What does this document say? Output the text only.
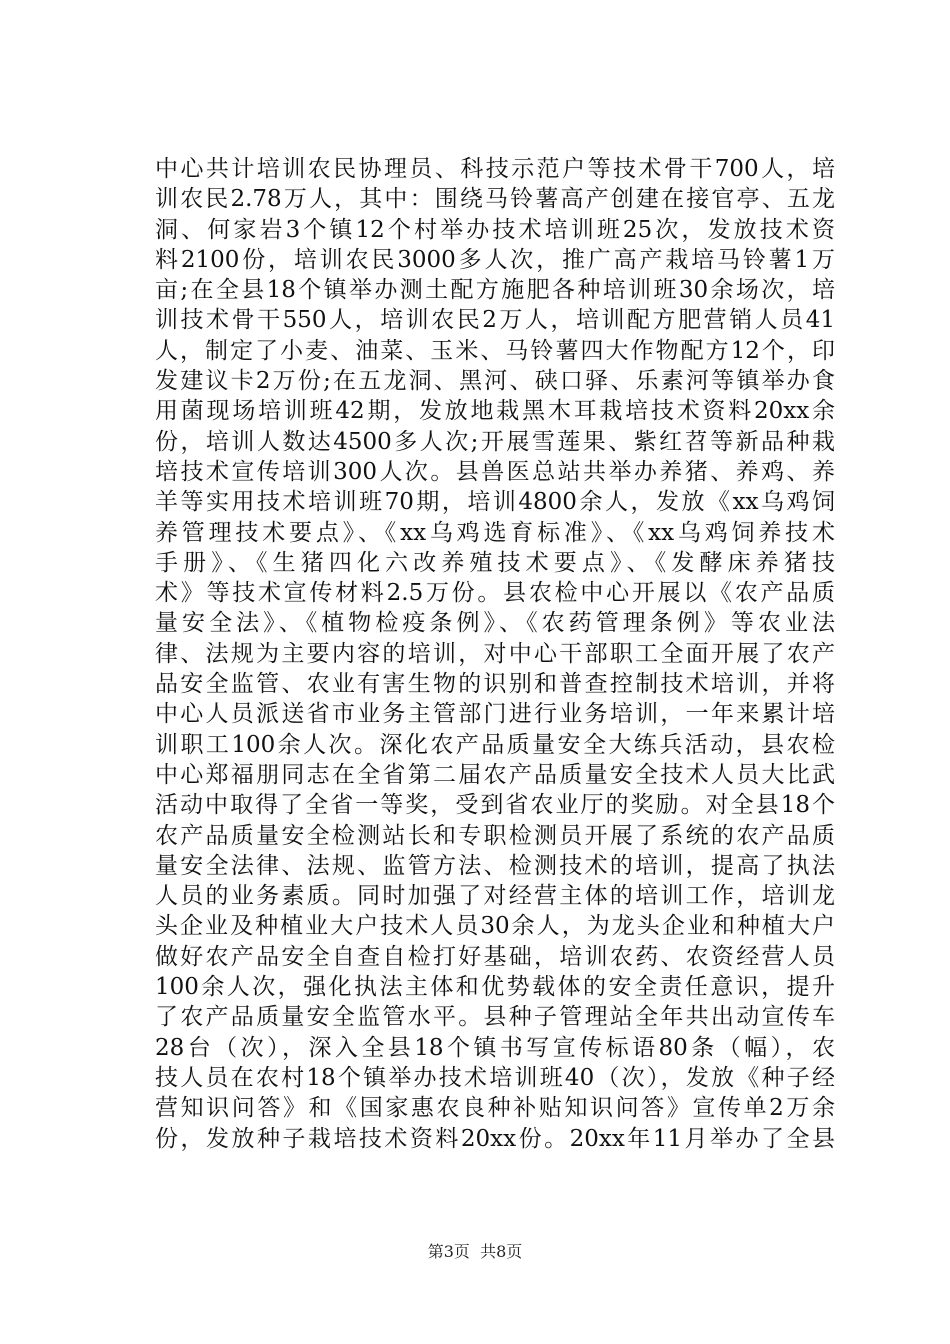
中心共计培训农民协理员、科技示范户等技术骨干700人，培
训农民2.78万人，其中：围绕马铃薯高产创建在接官亭、五龙
洞、何家岩3个镇12个村举办技术培训班25次，发放技术资
料2100份，培训农民3000多人次，推广高产栽培马铃薯1万
亩;在全县18个镇举办测土配方施肥各种培训班30余场次，培
训技术骨干550人，培训农民2万人，培训配方肥营销人员41
人，制定了小麦、油菜、玉米、马铃薯四大作物配方12个，印
发建议卡2万份;在五龙洞、黑河、硖口驿、乐素河等镇举办食
用菌现场培训班42期，发放地栽黑木耳栽培技术资料20xx余
份，培训人数达4500多人次;开展雪莲果、紫红苕等新品种栽
培技术宣传培训300人次。县兽医总站共举办养猪、养鸡、养
羊等实用技术培训班70期，培训4800余人，发放《xx乌鸡饲
养管理技术要点》、《xx乌鸡选育标准》、《xx乌鸡饲养技术
手册》、《生猪四化六改养殖技术要点》、《发酵床养猪技
术》等技术宣传材料2.5万份。县农检中心开展以《农产品质
量安全法》、《植物检疫条例》、《农药管理条例》等农业法
律、法规为主要内容的培训，对中心干部职工全面开展了农产
品安全监管、农业有害生物的识别和普查控制技术培训，并将
中心人员派送省市业务主管部门进行业务培训，一年来累计培
训职工100余人次。深化农产品质量安全大练兵活动，县农检
中心郑福朋同志在全省第二届农产品质量安全技术人员大比武
活动中取得了全省一等奖，受到省农业厅的奖励。对全县18个
农产品质量安全检测站长和专职检测员开展了系统的农产品质
量安全法律、法规、监管方法、检测技术的培训，提高了执法
人员的业务素质。同时加强了对经营主体的培训工作，培训龙
头企业及种植业大户技术人员30余人，为龙头企业和种植大户
做好农产品安全自查自检打好基础，培训农药、农资经营人员
100余人次，强化执法主体和优势载体的安全责任意识，提升
了农产品质量安全监管水平。县种子管理站全年共出动宣传车
28台（次），深入全县18个镇书写宣传标语80条（幅），农
技人员在农村18个镇举办技术培训班40（次），发放《种子经
营知识问答》和《国家惠农良种补贴知识问答》宣传单2万余
份，发放种子栽培技术资料20xx份。20xx年11月举办了全县
第3页  共8页
